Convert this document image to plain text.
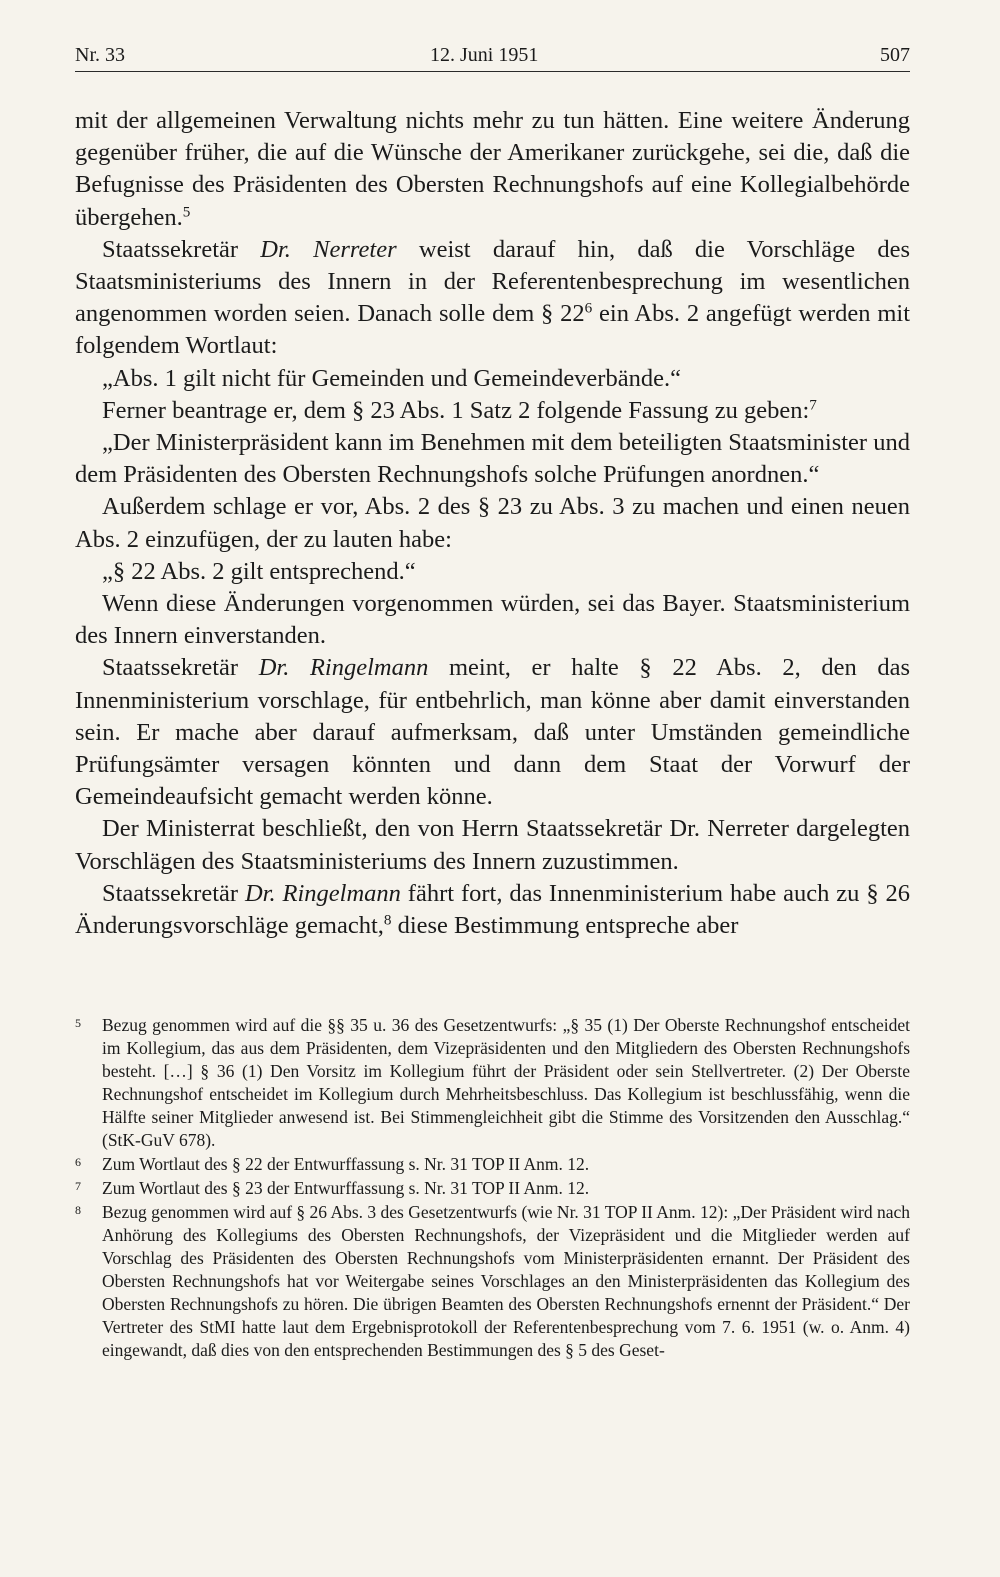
Nr. 33	12. Juni 1951	507

mit der allgemeinen Verwaltung nichts mehr zu tun hätten. Eine weitere Änderung gegenüber früher, die auf die Wünsche der Amerikaner zurückgehe, sei die, daß die Befugnisse des Präsidenten des Obersten Rechnungshofs auf eine Kollegialbehörde übergehen.$^5$

Staatssekretär Dr. Nerreter weist darauf hin, daß die Vorschläge des Staatsministeriums des Innern in der Referentenbesprechung im wesentlichen angenommen worden seien. Danach solle dem § $22^6$ ein Abs. 2 angefügt werden mit folgendem Wortlaut:

„Abs. 1 gilt nicht für Gemeinden und Gemeindeverbände.“

Ferner beantrage er, dem § 23 Abs. 1 Satz 2 folgende Fassung zu geben:$^7$

„Der Ministerpräsident kann im Benehmen mit dem beteiligten Staatsminister und dem Präsidenten des Obersten Rechnungshofs solche Prüfungen anordnen.“

Außerdem schlage er vor, Abs. 2 des § 23 zu Abs. 3 zu machen und einen neuen Abs. 2 einzufügen, der zu lauten habe:

„§ 22 Abs. 2 gilt entsprechend.“

Wenn diese Änderungen vorgenommen würden, sei das Bayer. Staatsministerium des Innern einverstanden.

Staatssekretär Dr. Ringelmann meint, er halte § 22 Abs. 2, den das Innenministerium vorschlage, für entbehrlich, man könne aber damit einverstanden sein. Er mache aber darauf aufmerksam, daß unter Umständen gemeindliche Prüfungsämter versagen könnten und dann dem Staat der Vorwurf der Gemeindeaufsicht gemacht werden könne.

Der Ministerrat beschließt, den von Herrn Staatssekretär Dr. Nerreter dargelegten Vorschlägen des Staatsministeriums des Innern zuzustimmen.

Staatssekretär Dr. Ringelmann fährt fort, das Innenministerium habe auch zu § 26 Änderungsvorschläge gemacht,$^8$ diese Bestimmung entspreche aber

5 Bezug genommen wird auf die §§ 35 u. 36 des Gesetzentwurfs: „§ 35 (1) Der Oberste Rechnungshof entscheidet im Kollegium, das aus dem Präsidenten, dem Vizepräsidenten und den Mitgliedern des Obersten Rechnungshofs besteht. […] § 36 (1) Den Vorsitz im Kollegium führt der Präsident oder sein Stellvertreter. (2) Der Oberste Rechnungshof entscheidet im Kollegium durch Mehrheitsbeschluss. Das Kollegium ist beschlussfähig, wenn die Hälfte seiner Mitglieder anwesend ist. Bei Stimmengleichheit gibt die Stimme des Vorsitzenden den Ausschlag.“ (StK-GuV 678).
6 Zum Wortlaut des § 22 der Entwurffassung s. Nr. 31 TOP II Anm. 12.
7 Zum Wortlaut des § 23 der Entwurffassung s. Nr. 31 TOP II Anm. 12.
8 Bezug genommen wird auf § 26 Abs. 3 des Gesetzentwurfs (wie Nr. 31 TOP II Anm. 12): „Der Präsident wird nach Anhörung des Kollegiums des Obersten Rechnungshofs, der Vizepräsident und die Mitglieder werden auf Vorschlag des Präsidenten des Obersten Rechnungshofs vom Ministerpräsidenten ernannt. Der Präsident des Obersten Rechnungshofs hat vor Weitergabe seines Vorschlages an den Ministerpräsidenten das Kollegium des Obersten Rechnungshofs zu hören. Die übrigen Beamten des Obersten Rechnungshofs ernennt der Präsident.“ Der Vertreter des StMI hatte laut dem Ergebnisprotokoll der Referentenbesprechung vom 7. 6. 1951 (w. o. Anm. 4) eingewandt, daß dies von den entsprechenden Bestimmungen des § 5 des Geset-
